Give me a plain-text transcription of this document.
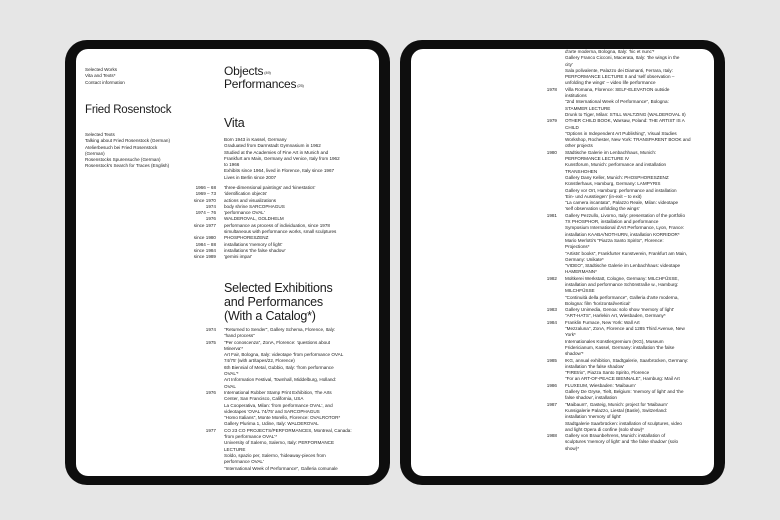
Selected Works
Vita and Texts*
Contact information
Fried Rosenstock
Selected Texts
Talking about Fried Rosenstock (German)
Atelierbesuch bei Fried Rosenstock
(German)
Rosenstocks Spurensuche (German)
Rosenstock's Search for Traces (English)
Objects$^{(49)}$
Performances$^{(25)}$
Vita
Born 1943 in Kassel, Germany
Graduated from Darmstadt Gymnasium in 1962
Studied at the Academies of Fine Art in Munich and
Frankfurt am Main, Germany and Venice, Italy from 1962
to 1966
Exhibits since 1964, lived in Florence, Italy since 1967
Lives in Berlin since 2007
1966 – 68	'three-dimensional paintings' and 'kinestatics'
1969 – 73	'identification objects'
since 1970	actions and visualizations
1974	body shrine SARCOPHAGUS
1974 – 76	'performance OVAL'
1976	WALDEROVAL, GOLDHELM
since 1977	performance as process of individuation, since 1978
simultaneous with performance works, small sculptures
since 1980	PHOSPHORESZENZ
1984 – 88	installations 'memory of light'
since 1984	installations 'the false shadow'
since 1989	'gemini impar'
Selected Exhibitions
and Performances
(With a Catalog*)
1974	"Returned to Sender", Gallery Schema, Florence, Italy:
"hand process"
1975	"Per conoscenza", ZonA, Florence: 'questions about
Minerva'*
Art Fair, Bologna, Italy: videotape 'from performance OVAL
74/75' (with art/tapes/22, Florence)
6th Biennial of Metal, Gubbio, Italy: 'from performance
OVAL'*
Art Information Festival, Townhall, Middelburg, Holland:
OVAL
1976	International Rubber Stamp Print Exhibition, The Arts
Center, San Francisco, California, USA
La Cooperativa, Milan: 'from performance OVAL', and
videotapes 'OVAL 74/75' and SARCOPHAGUS
"Homo Italians", Monte Morello, Florence: OVALROTOR*
Gallery Plurima 1, Udine, Italy: WALDEROVAL
1977	CO 23 CO PROJECTS/PERFORMANCES, Montreal, Canada:
'from performance OVAL'*
University of Salerno, Salerno, Italy: PERFORMANCE
LECTURE
Soldo, spazio per, Salerno, 'hideaway-pieces from
performance OVAL'
"International Week of Performance", Galleria comunale
d'arte moderna, Bologna, Italy: 'hic et nunc'*
Gallery Franco Cicconi, Macerata, Italy: 'the wings in the
city'
Sala polivalente, Palazzo dei Diamanti, Ferrara, Italy:
PERFORMANCE LECTURE II and 'self observation –
unfolding the wings' – video life performance
1978	Villa Romana, Florence: SELF-ELEVATION outside
institutions
"2nd International Week of Performance", Bologna:
STAMMER LECTURE
Drunk to Tiger, Milan: STILL WALTZING (WALDEROVAL II)
1979	OTHER CHILD BOOK, Warsaw, Poland: THE ARTIST IS A
CHILD
"Options in Independent Art Publishing", Visual Studies
Workshop, Rochester, New York: TRANSPARENT BOOK and
other projects
1980	Städtische Galerie im Lenbachhaus, Munich:
PERFORMANCE LECTURE IV
Kunstforum, Munich: performance and installation
TRANSHOHEN
Gallery Dany Keller, Munich: PHOSPHORESZENZ
Künstlerhaus, Hamburg, Germany: LAMPYRIS
Gallery vor Ort, Hamburg: performance and installation
'Ein- und Ausstiegen' (in-exit – to exit)
"La camera incantata", Palazzo Reale, Milan: videotape
'self observation unfolding the wings'
1981	Gallery Pezzullo, Livorno, Italy: presentation of the portfolio
7X PHOSPHOR, installation and performance
Symposium International d'Art Performance, Lyon, France:
installation KAABA/NOTHURN, installation KORRIDOR*
Mario Merlotti's "Piazza Santo Spirito", Florence:
Projections*
"Artists' books", Frankfurter Kunstverein, Frankfurt am Main,
Germany: Unikate*
"VIDEO", Städtische Galerie im Lenbachhaus: videotape
HAMERMANN*
1982	Moltkerei Werkstatt, Cologne, Germany: MILCHFÜSSE,
installation and performance Schönstraße w., Hamburg:
MILCHFÜSSE
"Continuità della performance", Galleria d'arte moderna,
Bologna: film 'horizontal/vertical'
1983	Gallery Unimedia, Genoa: solo show 'memory of light'
"ART-HATS", Harlekin Art, Wiesbaden, Germany*
1984	Franklin Furnace, New York: Wall Art
"Mezzaluna", ZonA, Florence and 1285 Third Avenue, New
York*
Internationales Künstlergremium (IKG), Museum
Fridericianum, Kassel, Germany: installation 'the false
shadow'*
1985	IKG, annual exhibition, Stadtgalerie, Saarbrücken, Germany:
installation 'the false shadow'
"FIREtrix", Piazza Santo Spirito, Florence
"For an ART-OF-PEACE BIENNALE", Hamburg: Mail Art
1986	FLUXEUM, Wiesbaden: 'Maibaum'
Gallery De Gryse, Tielt, Belgium: 'memory of light' and 'the
false shadow', installation
1987	"Maibaum", Gasteig, Munich: project for 'Maibaum'
Kunsigalerie Palazzo, Liestal (Basle), Switzerland:
installation 'memory of light'
Stadtgalerie Saarbrücken: installation of sculptures, video
and light Opera di confine (solo show)*
1988	Gallery von Braunbehrens, Munich: installation of
sculptures 'memory of light' and 'the false shadow' (solo
show)*
